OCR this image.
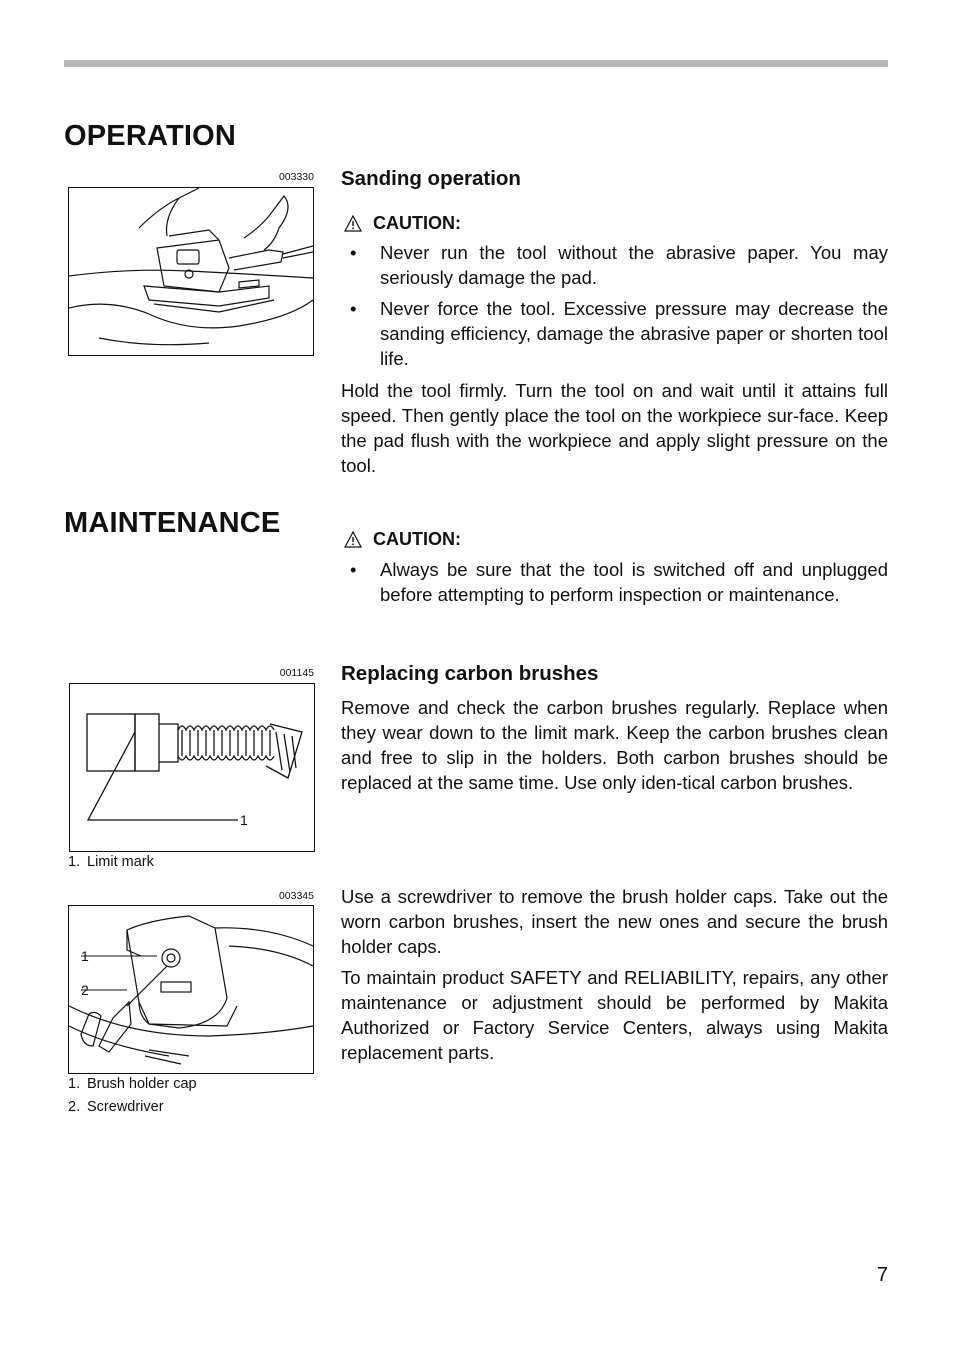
OPERATION
003330 Sanding operation
CAUTION:
• Never run the tool without the abrasive paper. You may seriously damage the pad.
• Never force the tool. Excessive pressure may decrease the sanding efficiency, damage the abrasive paper or shorten tool life.

Hold the tool firmly. Turn the tool on and wait until it attains full speed. Then gently place the tool on the workpiece sur-face. Keep the pad flush with the workpiece and apply slight pressure on the tool.

MAINTENANCE	CAUTION:
• Always be sure that the tool is switched off and unplugged before attempting to perform inspection or maintenance.
001145
1
1. Limit mark
Replacing carbon brushes

Remove and check the carbon brushes regularly. Replace when they wear down to the limit mark. Keep the carbon brushes clean and free to slip in the holders. Both carbon brushes should be replaced at the same time. Use only iden-tical carbon brushes.

003345
1
2
1. Brush holder cap
2. Screwdriver

Use a screwdriver to remove the brush holder caps. Take out the worn carbon brushes, insert the new ones and secure the brush holder caps.

To maintain product SAFETY and RELIABILITY, repairs, any other maintenance or adjustment should be performed by Makita Authorized or Factory Service Centers, always using Makita replacement parts.

7
